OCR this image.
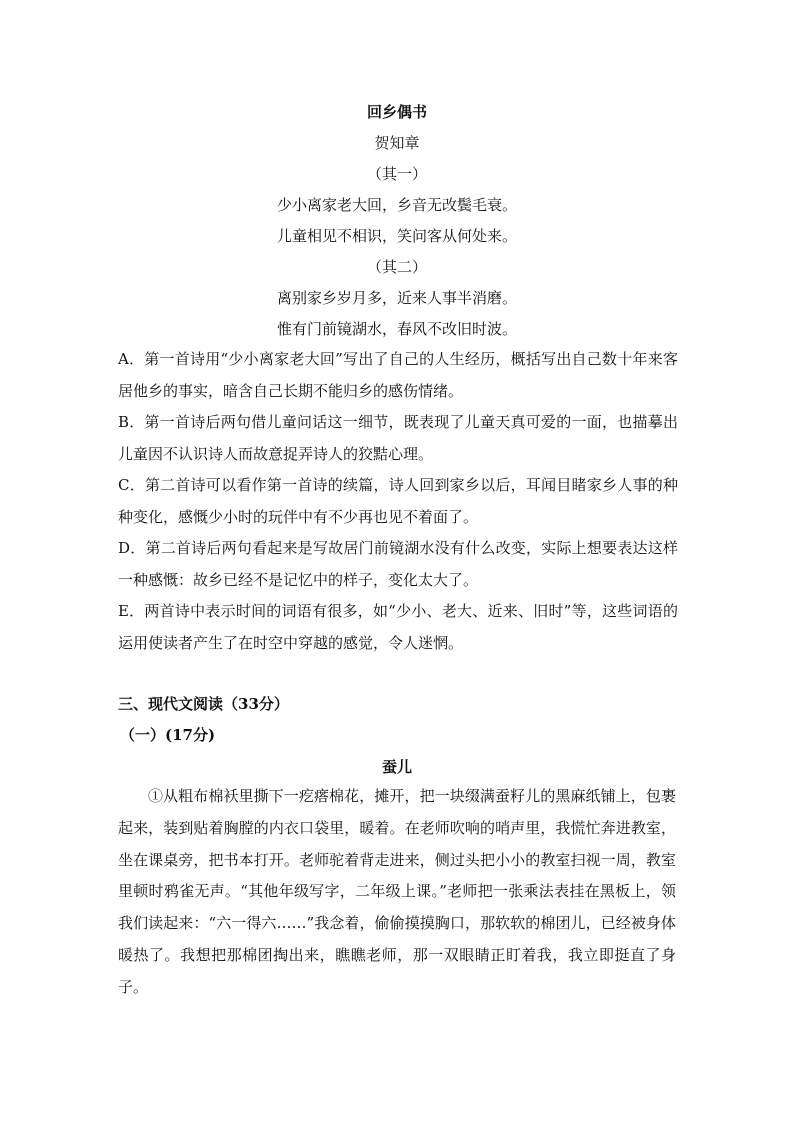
回乡偶书
贺知章
（其一）
少小离家老大回，乡音无改鬓毛衰。
儿童相见不相识，笑问客从何处来。
（其二）
离别家乡岁月多，近来人事半消磨。
惟有门前镜湖水，春风不改旧时波。
A．第一首诗用“少小离家老大回”写出了自己的人生经历，概括写出自己数十年来客居他乡的事实，暗含自己长期不能归乡的感伤情绪。
B．第一首诗后两句借儿童问话这一细节，既表现了儿童天真可爱的一面，也描摹出儿童因不认识诗人而故意捉弄诗人的狡黠心理。
C．第二首诗可以看作第一首诗的续篇，诗人回到家乡以后，耳闻目睹家乡人事的种种变化，感慨少小时的玩伴中有不少再也见不着面了。
D．第二首诗后两句看起来是写故居门前镜湖水没有什么改变，实际上想要表达这样一种感慨：故乡已经不是记忆中的样子，变化太大了。
E．两首诗中表示时间的词语有很多，如“少小、老大、近来、旧时”等，这些词语的运用使读者产生了在时空中穿越的感觉，令人迷惘。
三、现代文阅读（33分）
（一）(17分)
蚕儿
①从粗布棉袄里撕下一疙瘩棉花，摊开，把一块缀满蚕籽儿的黑麻纸铺上，包裹起来，装到贴着胸膛的内衣口袋里，暖着。在老师吹响的哨声里，我慌忙奔进教室，坐在课桌旁，把书本打开。老师驼着背走进来，侧过头把小小的教室扫视一周，教室里顿时鸦雀无声。“其他年级写字，二年级上课。”老师把一张乘法表挂在黑板上，领我们读起来：“六一得六……”我念着，偷偷摸摸胸口，那软软的棉团儿，已经被身体暖热了。我想把那棉团掏出来，瞧瞧老师，那一双眼睛正盯着我，我立即挺直了身子。
